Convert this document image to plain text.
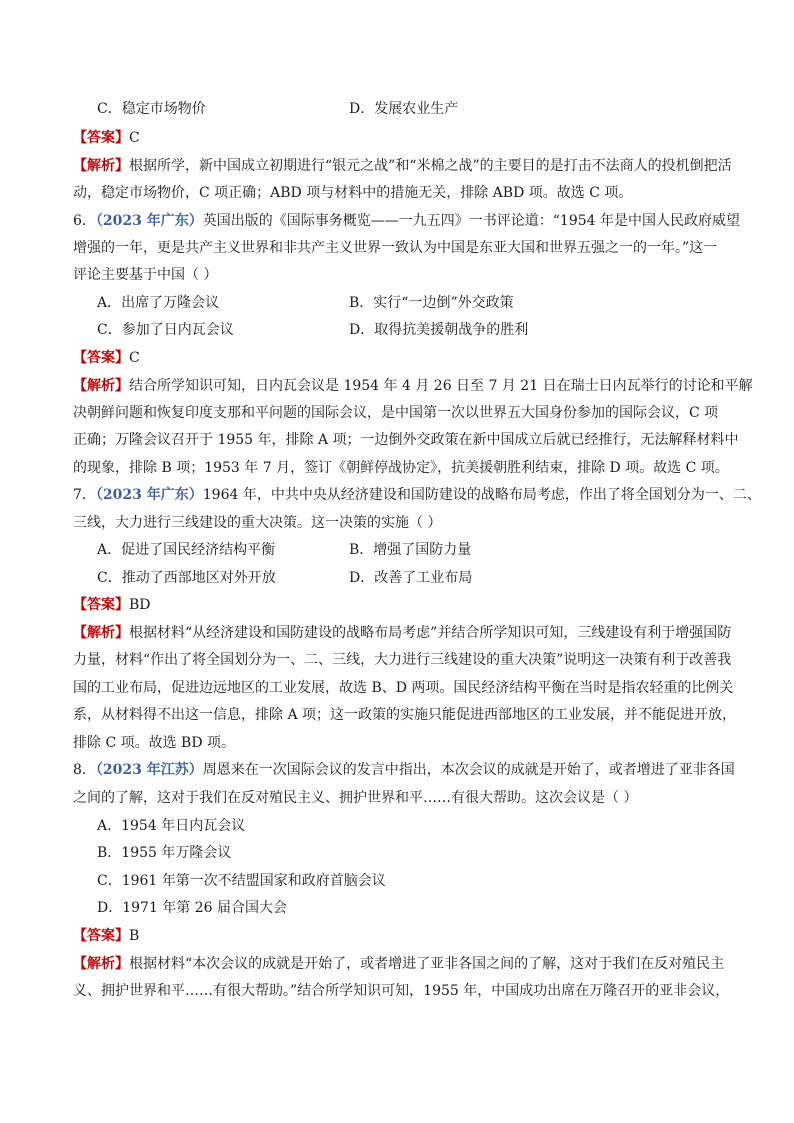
C．稳定市场物价	D．发展农业生产
【答案】C
【解析】根据所学，新中国成立初期进行“银元之战”和“米棉之战”的主要目的是打击不法商人的投机倒把活
动，稳定市场物价，C 项正确；ABD 项与材料中的措施无关，排除 ABD 项。故选 C 项。
6．（2023 年广东）英国出版的《国际事务概览——一九五四》一书评论道：“1954 年是中国人民政府威望
增强的一年，更是共产主义世界和非共产主义世界一致认为中国是东亚大国和世界五强之一的一年。”这一
评论主要基于中国（ ）
A．出席了万隆会议	B．实行“一边倒”外交政策
C．参加了日内瓦会议	D．取得抗美援朝战争的胜利
【答案】C
【解析】结合所学知识可知，日内瓦会议是 1954 年 4 月 26 日至 7 月 21 日在瑞士日内瓦举行的讨论和平解
决朝鲜问题和恢复印度支那和平问题的国际会议，是中国第一次以世界五大国身份参加的国际会议，C 项
正确；万隆会议召开于 1955 年，排除 A 项；一边倒外交政策在新中国成立后就已经推行，无法解释材料中
的现象，排除 B 项；1953 年 7 月，签订《朝鲜停战协定》，抗美援朝胜利结束，排除 D 项。故选 C 项。
7．（2023 年广东）1964 年，中共中央从经济建设和国防建设的战略布局考虑，作出了将全国划分为一、二、
三线，大力进行三线建设的重大决策。这一决策的实施（ ）
A．促进了国民经济结构平衡	B．增强了国防力量
C．推动了西部地区对外开放	D．改善了工业布局
【答案】BD
【解析】根据材料“从经济建设和国防建设的战略布局考虑”并结合所学知识可知，三线建设有利于增强国防
力量，材料“作出了将全国划分为一、二、三线，大力进行三线建设的重大决策”说明这一决策有利于改善我
国的工业布局，促进边远地区的工业发展，故选 B、D 两项。国民经济结构平衡在当时是指农轻重的比例关
系，从材料得不出这一信息，排除 A 项；这一政策的实施只能促进西部地区的工业发展，并不能促进开放，
排除 C 项。故选 BD 项。
8．（2023 年江苏）周恩来在一次国际会议的发言中指出，本次会议的成就是开始了，或者增进了亚非各国
之间的了解，这对于我们在反对殖民主义、拥护世界和平……有很大帮助。这次会议是（ ）
A．1954 年日内瓦会议
B．1955 年万隆会议
C．1961 年第一次不结盟国家和政府首脑会议
D．1971 年第 26 届合国大会
【答案】B
【解析】根据材料“本次会议的成就是开始了，或者增进了亚非各国之间的了解，这对于我们在反对殖民主
义、拥护世界和平……有很大帮助。”结合所学知识可知，1955 年，中国成功出席在万隆召开的亚非会议，
